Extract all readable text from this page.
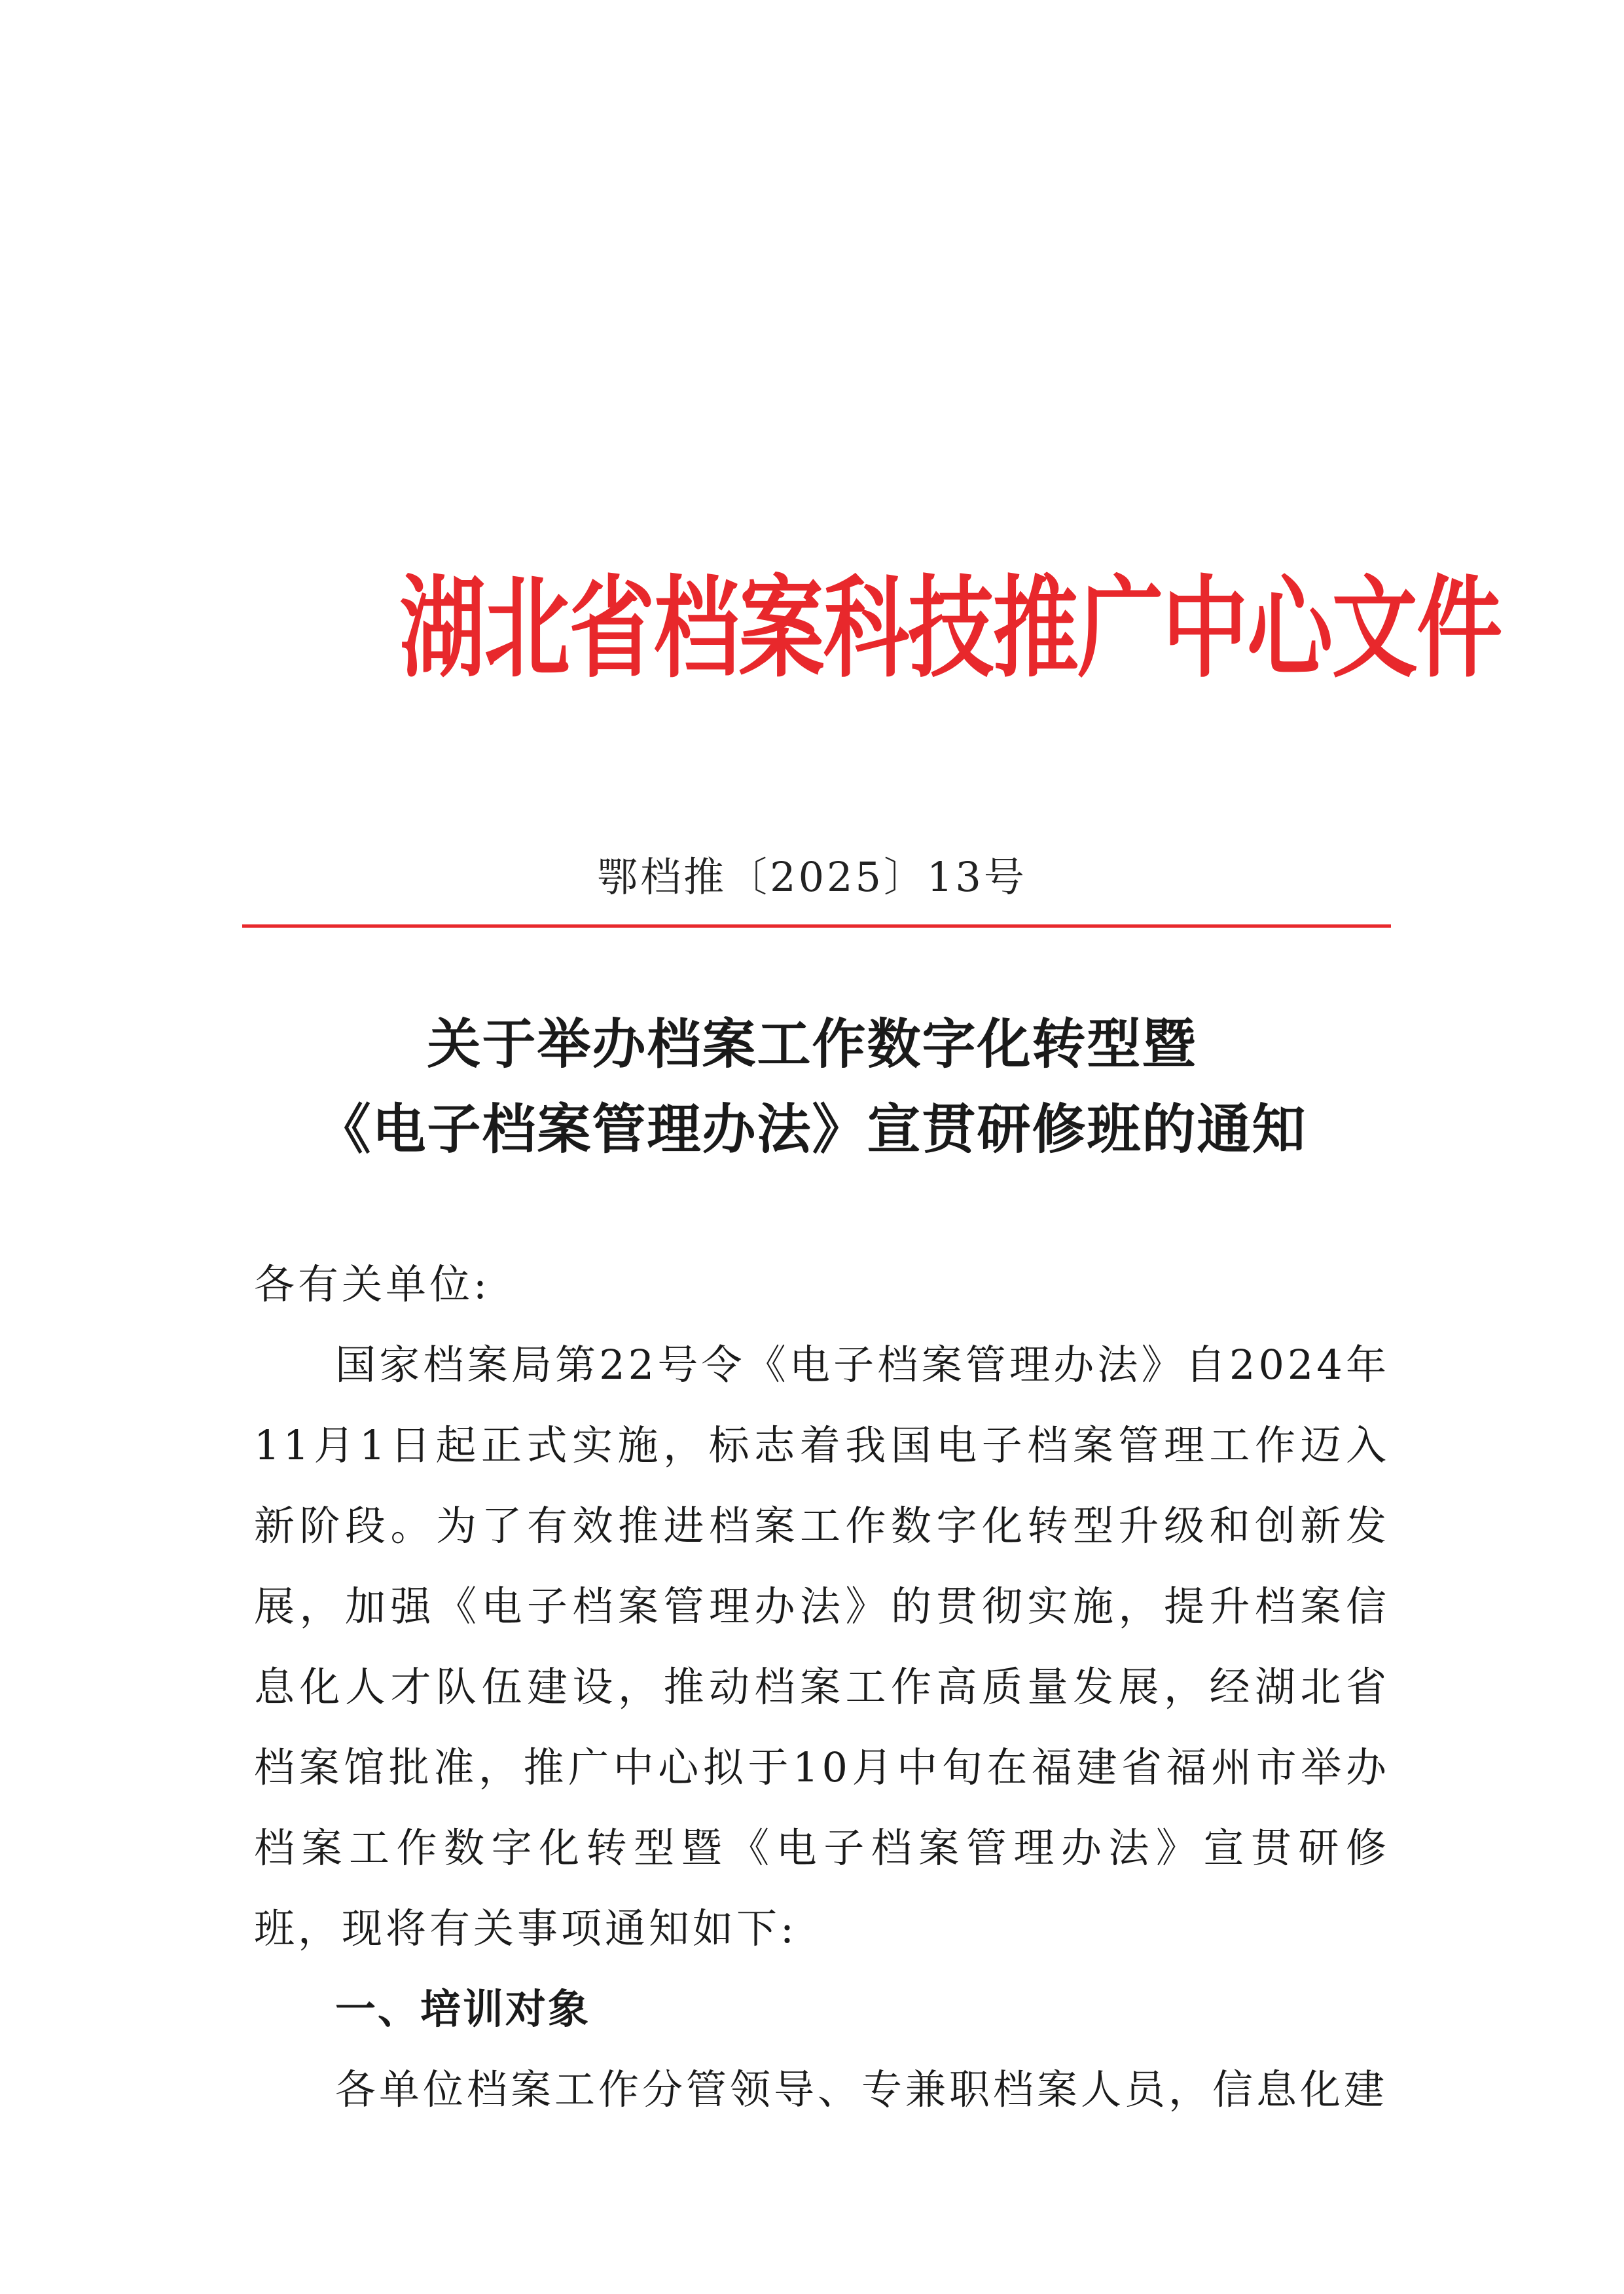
湖北省档案科技推广中心文件
鄂档推〔2025〕13号
关于举办档案工作数字化转型暨
《电子档案管理办法》宣贯研修班的通知
各有关单位:
国家档案局第22号令《电子档案管理办法》自2024年11月1日起正式实施，标志着我国电子档案管理工作迈入新阶段。为了有效推进档案工作数字化转型升级和创新发展，加强《电子档案管理办法》的贯彻实施，提升档案信息化人才队伍建设，推动档案工作高质量发展，经湖北省档案馆批准，推广中心拟于10月中旬在福建省福州市举办档案工作数字化转型暨《电子档案管理办法》宣贯研修班，现将有关事项通知如下:
一、培训对象
各单位档案工作分管领导、专兼职档案人员，信息化建
